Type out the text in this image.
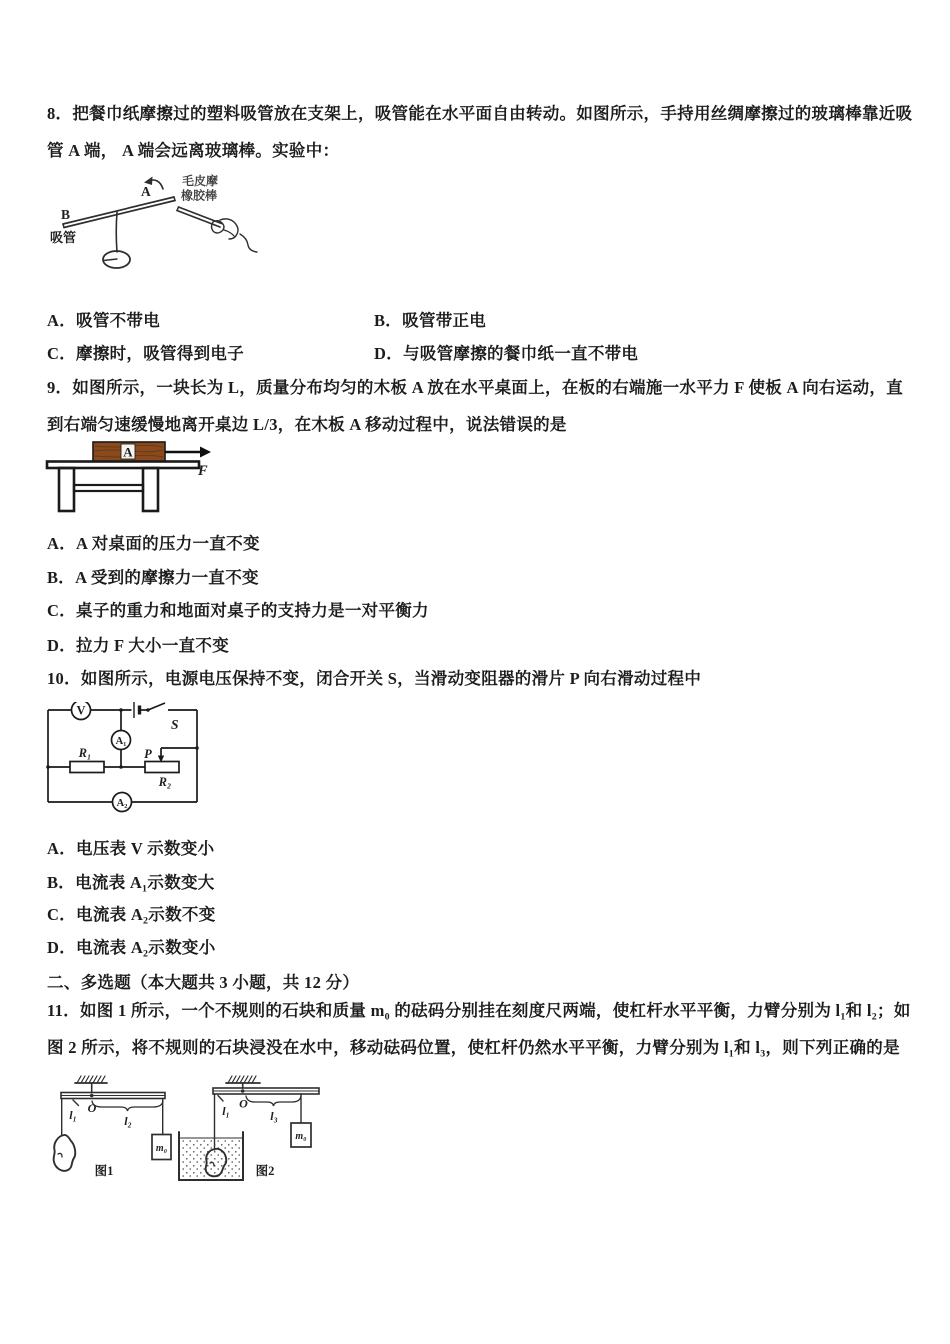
8．把餐巾纸摩擦过的塑料吸管放在支架上，吸管能在水平面自由转动。如图所示，手持用丝绸摩擦过的玻璃棒靠近吸
管 A 端， A 端会远离玻璃棒。实验中：
B
A
吸管
毛皮摩
橡胶棒
A．吸管不带电	B．吸管带正电
C．摩擦时，吸管得到电子	D．与吸管摩擦的餐巾纸一直不带电
9．如图所示，一块长为 L，质量分布均匀的木板 A 放在水平桌面上，在板的右端施一水平力 F 使板 A 向右运动，直
到右端匀速缓慢地离开桌边 L/3，在木板 A 移动过程中，说法错误的是
A
F
A．A 对桌面的压力一直不变
B．A 受到的摩擦力一直不变
C．桌子的重力和地面对桌子的支持力是一对平衡力
D．拉力 F 大小一直不变
10．如图所示，电源电压保持不变，闭合开关 S，当滑动变阻器的滑片 P 向右滑动过程中
V
S
A₁
R₁
R₂
P
A₂
A．电压表 V 示数变小
B．电流表 A₁示数变大
C．电流表 A₂示数不变
D．电流表 A₂示数变小
二、多选题（本大题共 3 小题，共 12 分）
11．如图 1 所示，一个不规则的石块和质量 m₀ 的砝码分别挂在刻度尺两端，使杠杆水平平衡，力臂分别为 l₁和 l₂；如
图 2 所示，将不规则的石块浸没在水中，移动砝码位置，使杠杆仍然水平平衡，力臂分别为 l₁和 l₃，则下列正确的是
l₁ O
l₂
m₀
图1
l₁
O
l₃
m₀
图2
